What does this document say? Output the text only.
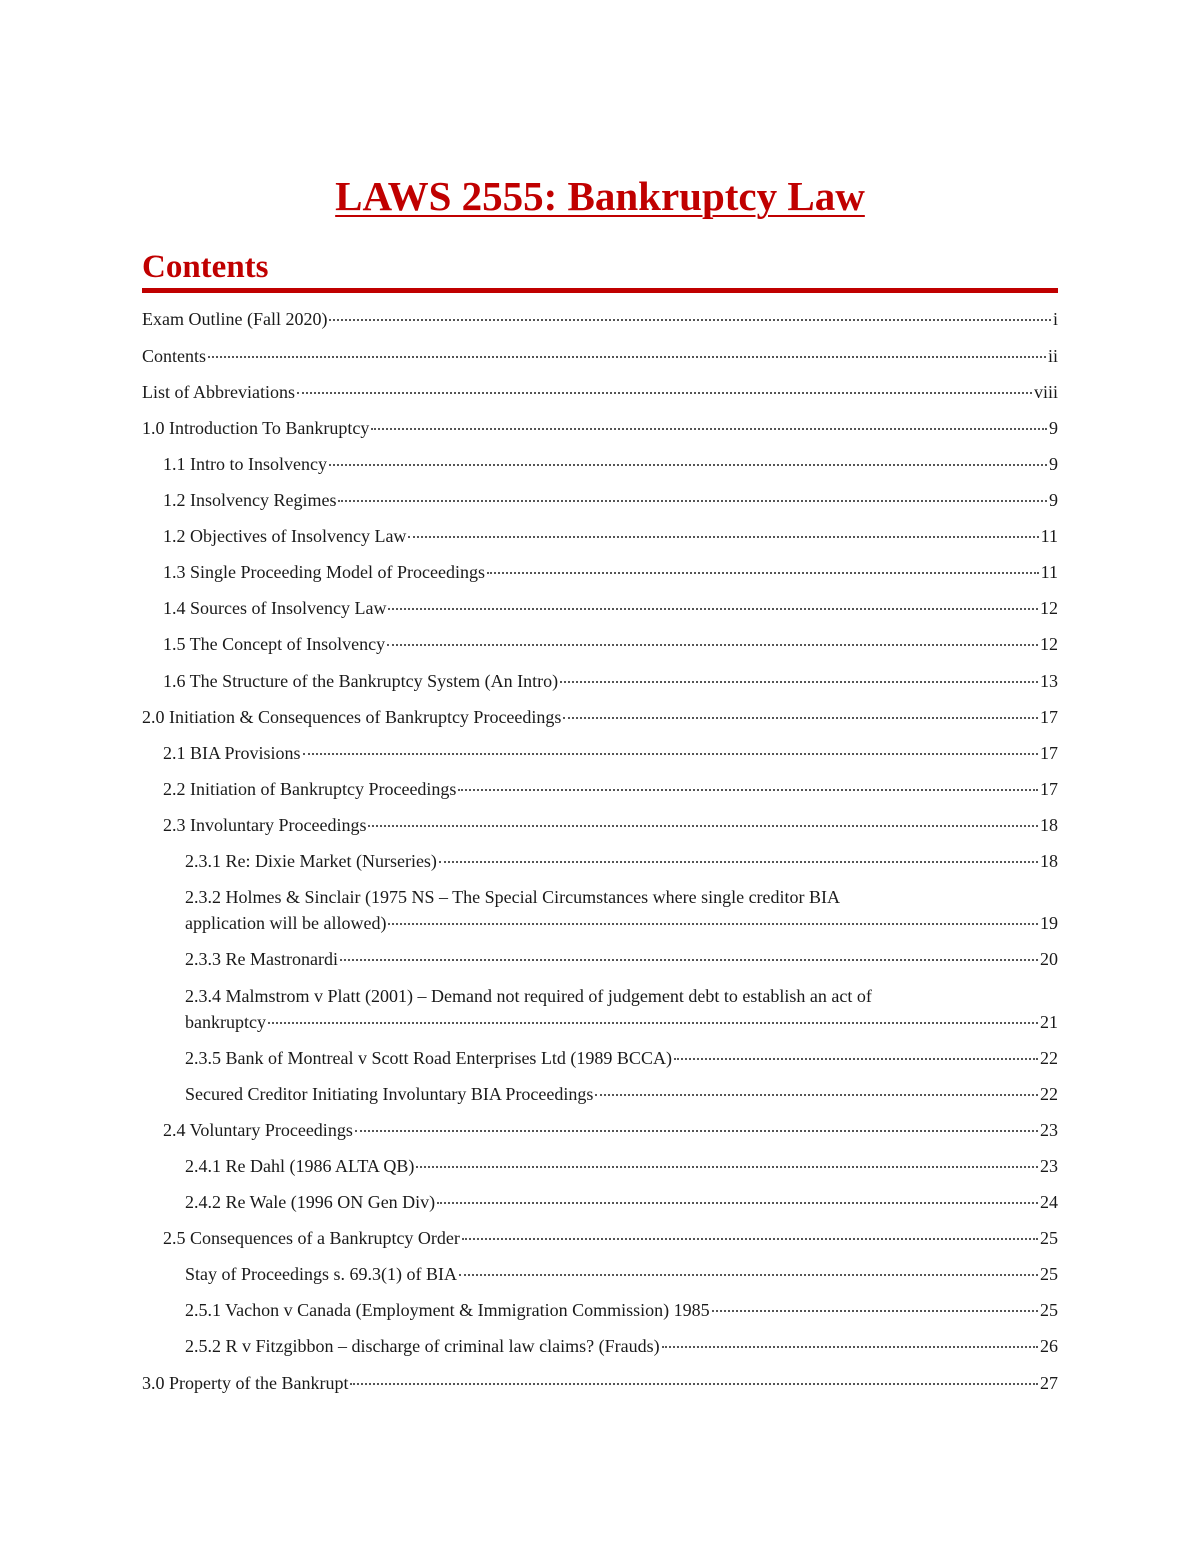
LAWS 2555: Bankruptcy Law
Contents
Exam Outline (Fall 2020)	i
Contents	ii
List of Abbreviations	viii
1.0 Introduction To Bankruptcy	9
1.1 Intro to Insolvency	9
1.2 Insolvency Regimes	9
1.2 Objectives of Insolvency Law	11
1.3 Single Proceeding Model of Proceedings	11
1.4 Sources of Insolvency Law	12
1.5 The Concept of Insolvency	12
1.6 The Structure of the Bankruptcy System (An Intro)	13
2.0 Initiation & Consequences of Bankruptcy Proceedings	17
2.1 BIA Provisions	17
2.2 Initiation of Bankruptcy Proceedings	17
2.3 Involuntary Proceedings	18
2.3.1 Re: Dixie Market (Nurseries)	18
2.3.2 Holmes & Sinclair (1975 NS – The Special Circumstances where single creditor BIA
application will be allowed)	19
2.3.3 Re Mastronardi	20
2.3.4 Malmstrom v Platt (2001) – Demand not required of judgement debt to establish an act of
bankruptcy	21
2.3.5 Bank of Montreal v Scott Road Enterprises Ltd (1989 BCCA)	22
Secured Creditor Initiating Involuntary BIA Proceedings	22
2.4 Voluntary Proceedings	23
2.4.1 Re Dahl (1986 ALTA QB)	23
2.4.2 Re Wale (1996 ON Gen Div)	24
2.5 Consequences of a Bankruptcy Order	25
Stay of Proceedings s. 69.3(1) of BIA	25
2.5.1 Vachon v Canada (Employment & Immigration Commission) 1985	25
2.5.2 R v Fitzgibbon – discharge of criminal law claims? (Frauds)	26
3.0 Property of the Bankrupt	27
